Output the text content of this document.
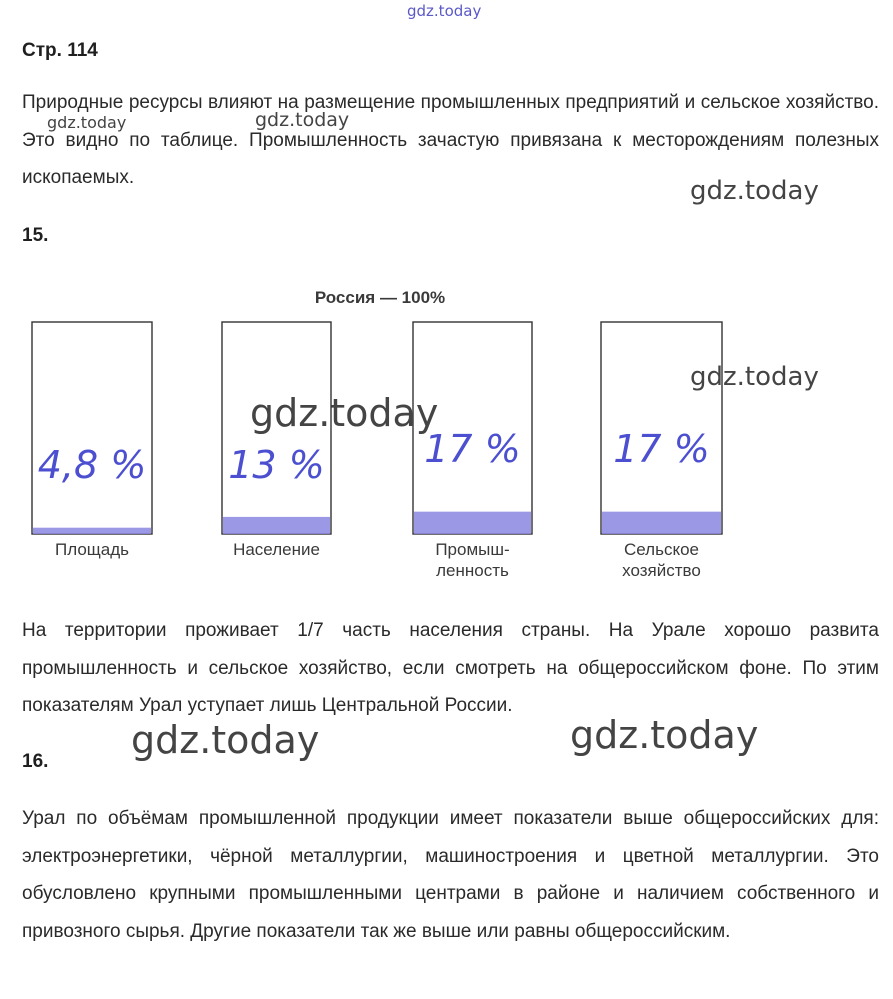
gdz.today
gdz.today	gdz.today
gdz.today
gdz.today
gdz.today
gdz.today	gdz.today
Стр. 114
Природные ресурсы влияют на размещение промышленных предприятий и сельское хозяйство. Это видно по таблице. Промышленность зачастую привязана к месторождениям полезных ископаемых.
15.
Россия — 100%
4,8 % 13 %	17 % 17 %
Площадь	Население	Промыш-
ленность
Сельское
хозяйство
На территории проживает 1/7 часть населения страны. На Урале хорошо развита промышленность и сельское хозяйство, если смотреть на общероссийском фоне. По этим показателям Урал уступает лишь Центральной России.
16.
Урал по объёмам промышленной продукции имеет показатели выше общероссийских для: электроэнергетики, чёрной металлургии, машиностроения и цветной металлургии. Это обусловлено крупными промышленными центрами в районе и наличием собственного и привозного сырья. Другие показатели так же выше или равны общероссийским.
